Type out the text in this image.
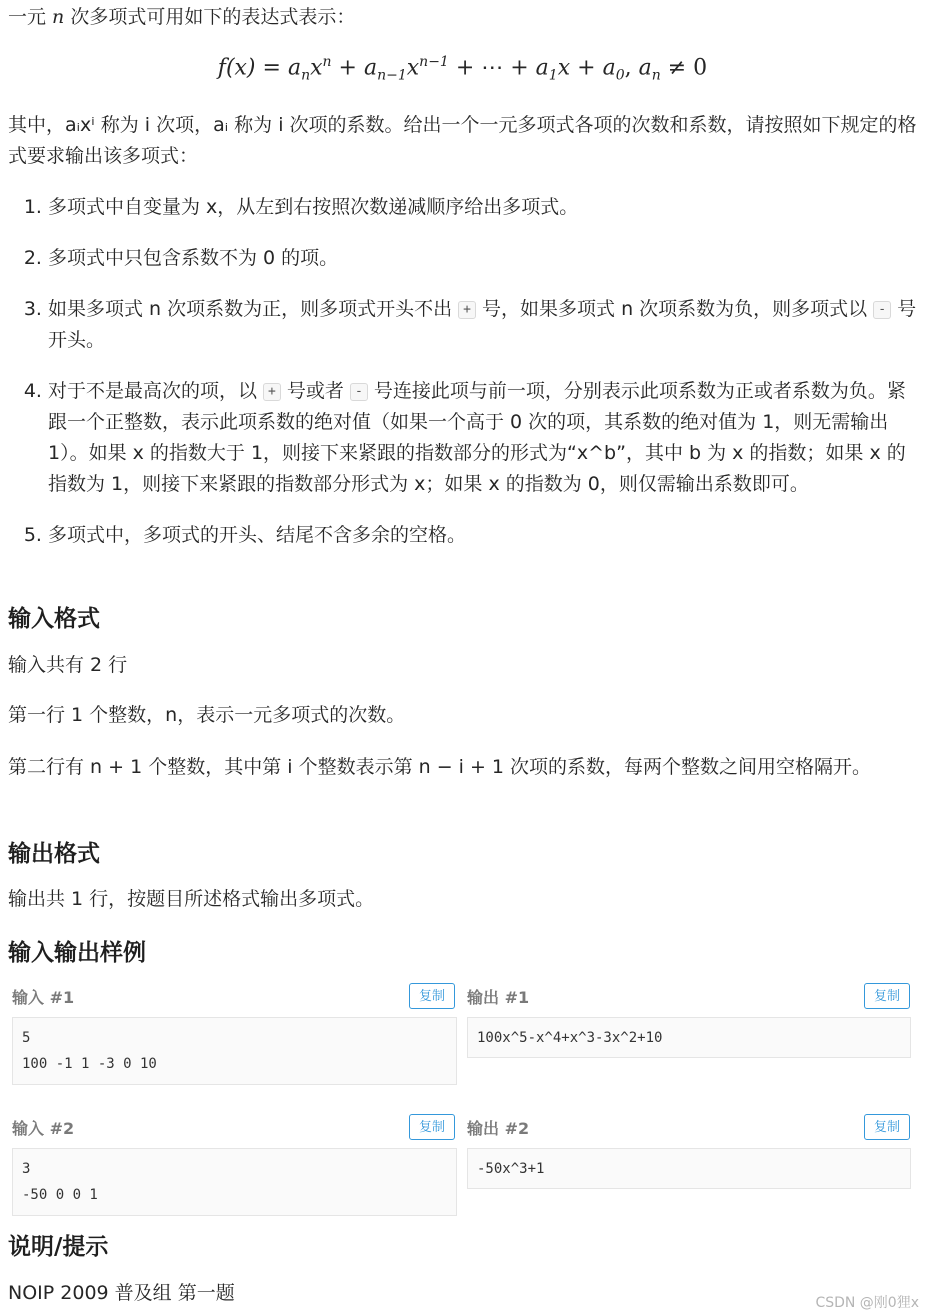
一元 n 次多项式可用如下的表达式表示：
$f(x) = a_nx^n + a_{n-1}x^{n-1}$ + ⋯ + $a_1x + a_0$, $a_n \ne 0$
其中，aᵢxⁱ 称为 i 次项，aᵢ 称为 i 次项的系数。给出一个一元多项式各项的次数和系数，请按照如下规定的格式要求输出该多项式：
1. 多项式中自变量为 x，从左到右按照次数递减顺序给出多项式。
2. 多项式中只包含系数不为 0 的项。
3. 如果多项式 n 次项系数为正，则多项式开头不出 + 号，如果多项式 n 次项系数为负，则多项式以 - 号开头。
4. 对于不是最高次的项，以 + 号或者 - 号连接此项与前一项，分别表示此项系数为正或者系数为负。紧跟一个正整数，表示此项系数的绝对值（如果一个高于 0 次的项，其系数的绝对值为 1，则无需输出 1）。如果 x 的指数大于 1，则接下来紧跟的指数部分的形式为“x^b”，其中 b 为 x 的指数；如果 x 的指数为 1，则接下来紧跟的指数部分形式为 x；如果 x 的指数为 0，则仅需输出系数即可。
5. 多项式中，多项式的开头、结尾不含多余的空格。
输入格式
输入共有 2 行
第一行 1 个整数，n，表示一元多项式的次数。
第二行有 n + 1 个整数，其中第 i 个整数表示第 n − i + 1 次项的系数，每两个整数之间用空格隔开。
输出格式
输出共 1 行，按题目所述格式输出多项式。
输入输出样例
输入 #1	复制
5
100 -1 1 -3 0 10
输出 #1	复制
100x^5-x^4+x^3-3x^2+10
输入 #2	复制
3
-50 0 0 1
输出 #2	复制
-50x^3+1
说明/提示
NOIP 2009 普及组 第一题	CSDN @刚0狸x
